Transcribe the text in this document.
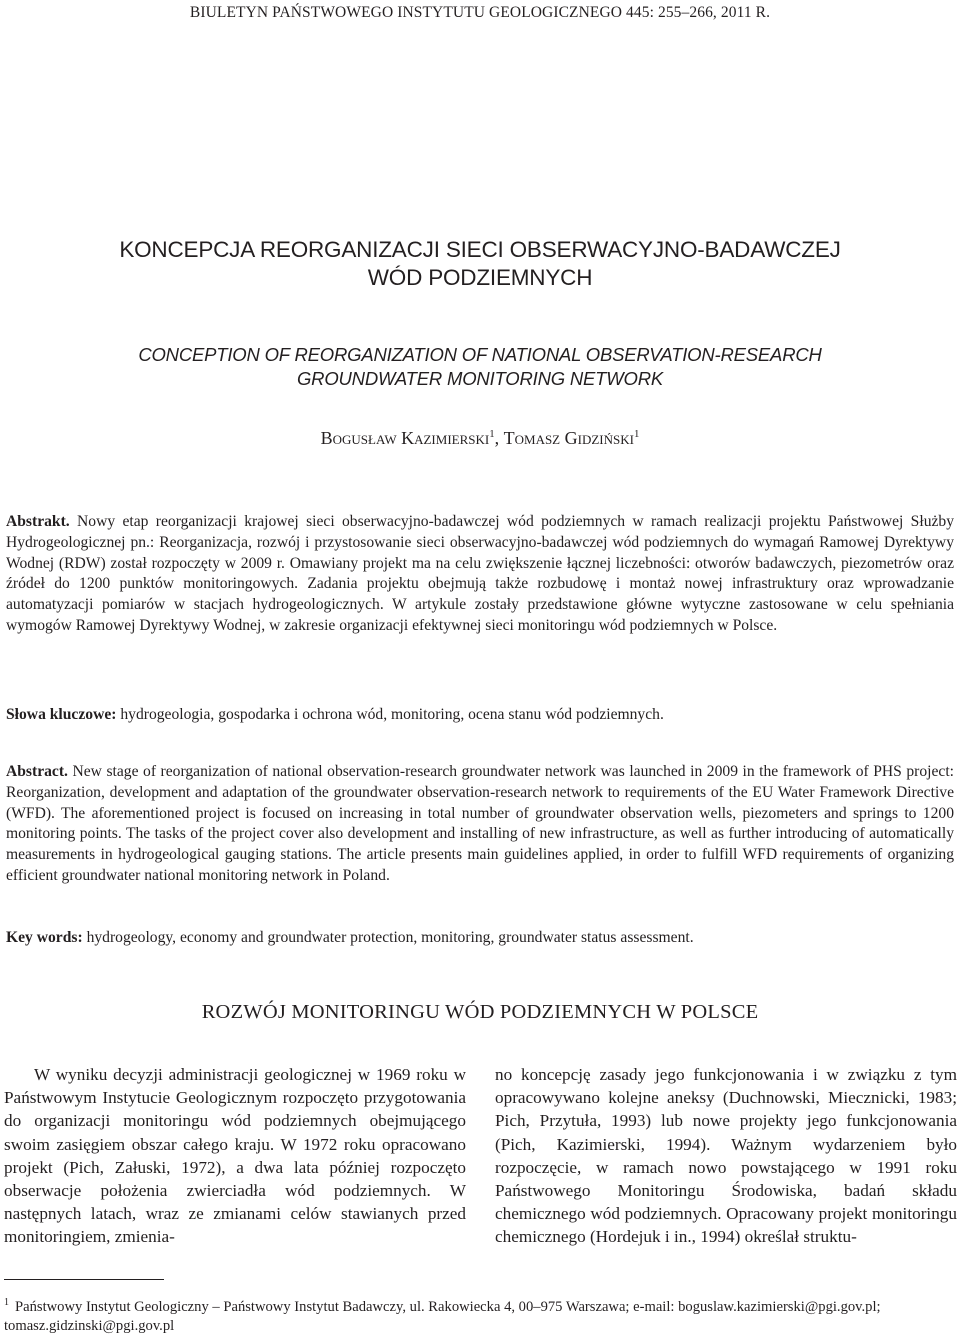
BIULETYN PAŃSTWOWEGO INSTYTUTU GEOLOGICZNEGO 445: 255–266, 2011 R.
KONCEPCJA REORGANIZACJI SIECI OBSERWACYJNO-BADAWCZEJ
WÓD PODZIEMNYCH
CONCEPTION OF REORGANIZATION OF NATIONAL OBSERVATION-RESEARCH
GROUNDWATER MONITORING NETWORK
Bogusław Kazimierski$^1$, Tomasz Gidziński$^1$
Abstrakt. Nowy etap reorganizacji krajowej sieci obserwacyjno-badawczej wód podziemnych w ramach realizacji projektu Państwowej Służby Hydrogeologicznej pn.: Reorganizacja, rozwój i przystosowanie sieci obserwacyjno-badawczej wód podziemnych do wymagań Ramowej Dyrektywy Wodnej (RDW) został rozpoczęty w 2009 r. Omawiany projekt ma na celu zwiększenie łącznej liczebności: otworów badawczych, piezometrów oraz źródeł do 1200 punktów monitoringowych. Zadania projektu obejmują także rozbudowę i montaż nowej infrastruktury oraz wprowadzanie automatyzacji pomiarów w stacjach hydrogeologicznych. W artykule zostały przedstawione główne wytyczne zastosowane w celu spełniania wymogów Ramowej Dyrektywy Wodnej, w zakresie organizacji efektywnej sieci monitoringu wód podziemnych w Polsce.
Słowa kluczowe: hydrogeologia, gospodarka i ochrona wód, monitoring, ocena stanu wód podziemnych.
Abstract. New stage of reorganization of national observation-research groundwater network was launched in 2009 in the framework of PHS project: Reorganization, development and adaptation of the groundwater observation-research network to requirements of the EU Water Framework Directive (WFD). The aforementioned project is focused on increasing in total number of groundwater observation wells, piezometers and springs to 1200 monitoring points. The tasks of the project cover also development and installing of new infrastructure, as well as further introducing of automatically measurements in hydrogeological gauging stations. The article presents main guidelines applied, in order to fulfill WFD requirements of organizing efficient groundwater national monitoring network in Poland.
Key words: hydrogeology, economy and groundwater protection, monitoring, groundwater status assessment.
ROZWÓJ MONITORINGU WÓD PODZIEMNYCH W POLSCE

W wyniku decyzji administracji geologicznej w 1969 roku w Państwowym Instytucie Geologicznym rozpoczęto przygotowania do organizacji monitoringu wód podziemnych obejmującego swoim zasięgiem obszar całego kraju. W 1972 roku opracowano projekt (Pich, Załuski, 1972), a dwa lata później rozpoczęto obserwacje położenia zwierciadła wód podziemnych. W następnych latach, wraz ze zmianami celów stawianych przed monitoringiem, zmienia-

no koncepcję zasady jego funkcjonowania i w związku z tym opracowywano kolejne aneksy (Duchnowski, Miecznicki, 1983; Pich, Przytuła, 1993) lub nowe projekty jego funkcjonowania (Pich, Kazimierski, 1994). Ważnym wydarzeniem było rozpoczęcie, w ramach nowo powstającego w 1991 roku Państwowego Monitoringu Środowiska, badań składu chemicznego wód podziemnych. Opracowany projekt monitoringu chemicznego (Hordejuk i in., 1994) określał struktu-

$^1$ Państwowy Instytut Geologiczny – Państwowy Instytut Badawczy, ul. Rakowiecka 4, 00–975 Warszawa; e-mail: boguslaw.kazimierski@pgi.gov.pl; tomasz.gidzinski@pgi.gov.pl
